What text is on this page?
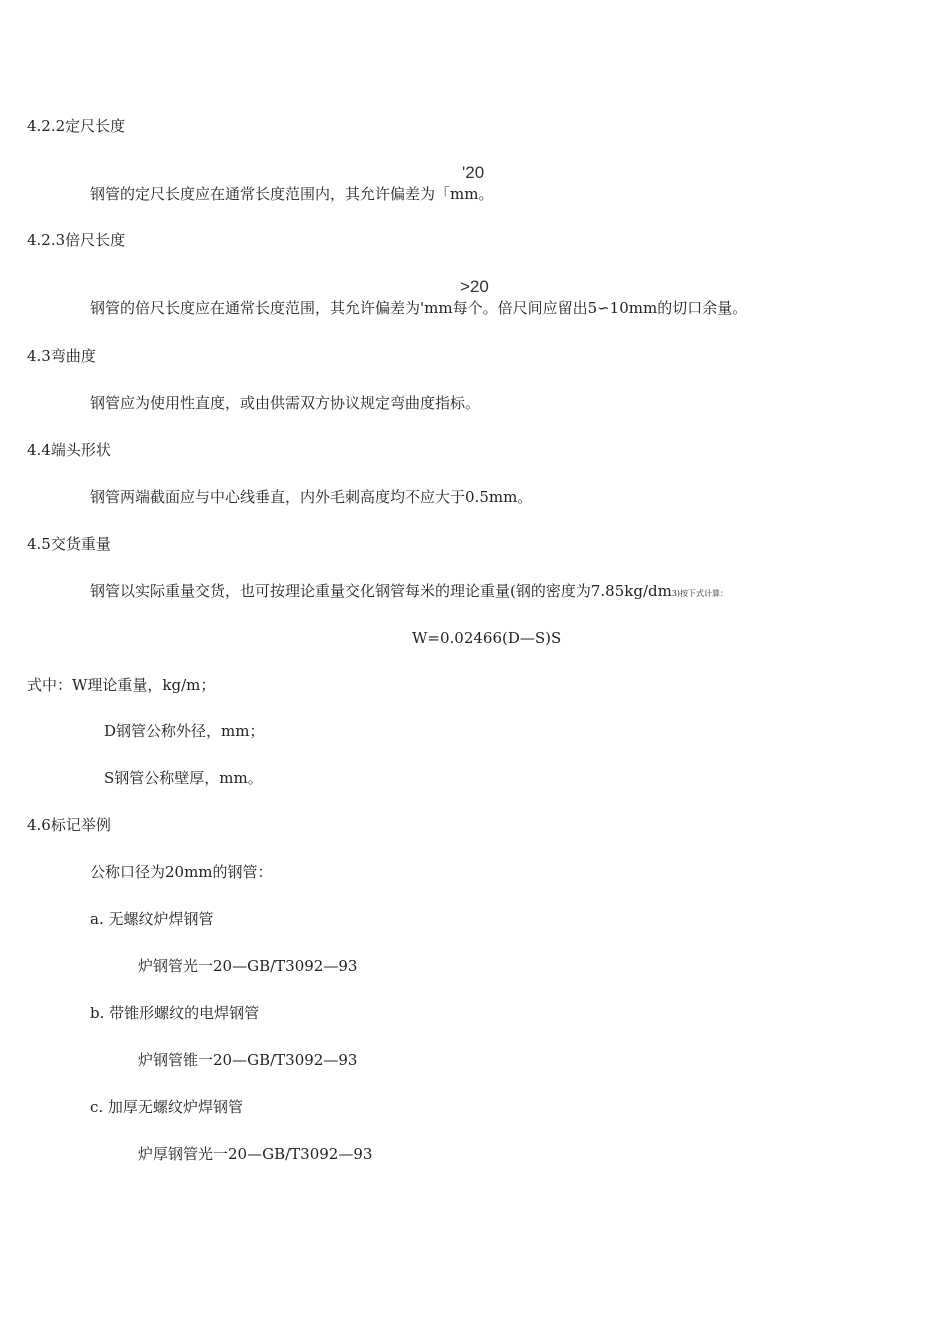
4.2.2定尺长度
'20
钢管的定尺长度应在通常长度范围内，其允许偏差为「mm。
4.2.3倍尺长度
>20
钢管的倍尺长度应在通常长度范围，其允许偏差为'mm每个。倍尺间应留出5∽10mm的切口余量。
4.3弯曲度
钢管应为使用性直度，或由供需双方协议规定弯曲度指标。
4.4端头形状
钢管两端截面应与中心线垂直，内外毛刺高度均不应大于0.5mm。
4.5交货重量
钢管以实际重量交货，也可按理论重量交化钢管每米的理论重量(钢的密度为7.85kg/dm3)按下式计算：
W=0.02466(D—S)S
式中：W理论重量，kg/m；
D钢管公称外径，mm；
S钢管公称壁厚，mm。
4.6标记举例
公称口径为20mm的钢管：
a. 无螺纹炉焊钢管
炉钢管光一20—GB/T3092—93
b. 带锥形螺纹的电焊钢管
炉钢管锥一20—GB/T3092—93
c. 加厚无螺纹炉焊钢管
炉厚钢管光一20—GB/T3092—93
